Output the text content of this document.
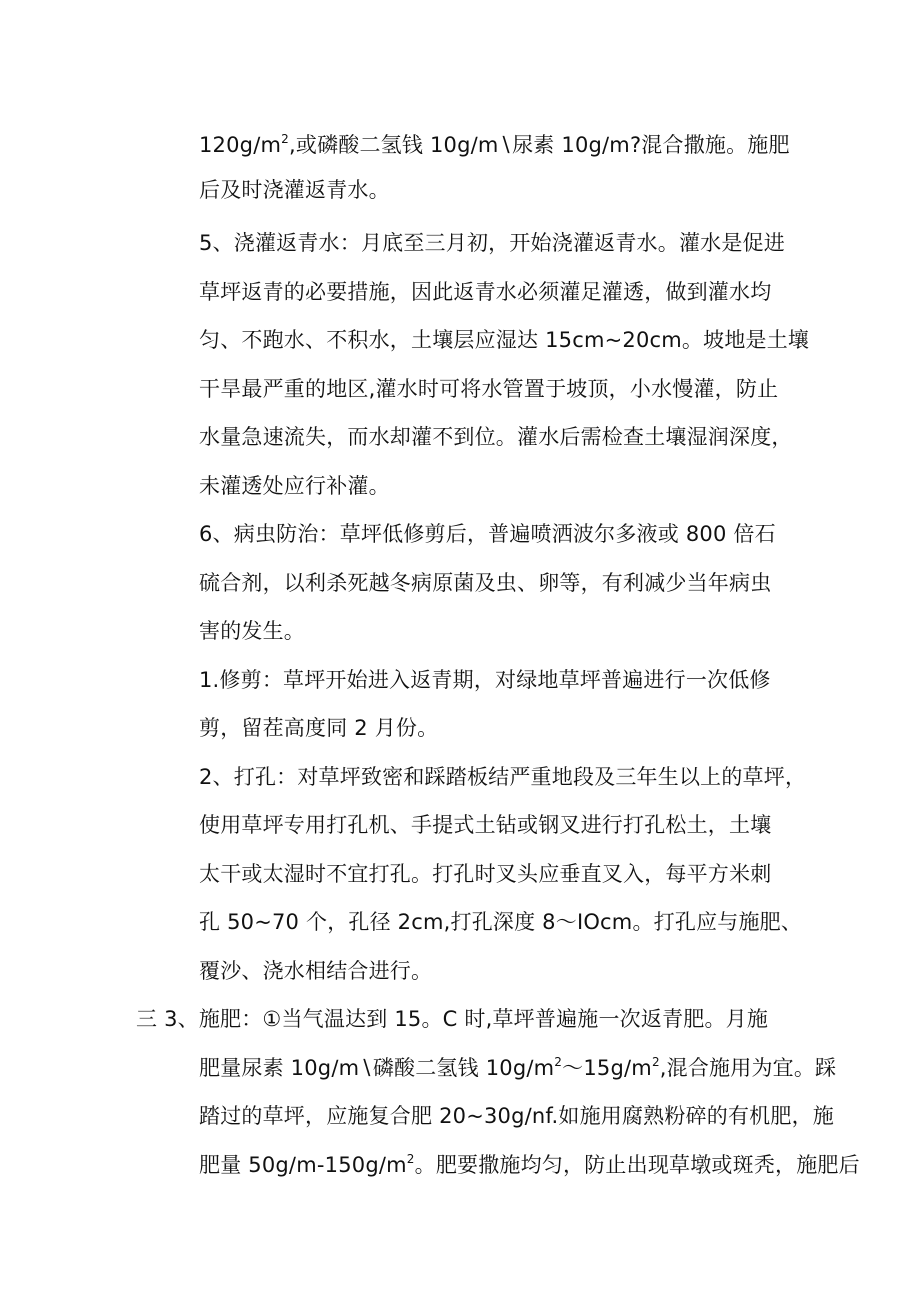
$120g∕m^2$,或磷酸二氢钱 10g∕m∖尿素 10g∕m?混合撒施。施肥
后及时浇灌返青水。
5、浇灌返青水：月底至三月初，开始浇灌返青水。灌水是促进
草坪返青的必要措施，因此返青水必须灌足灌透，做到灌水均
匀、不跑水、不积水，土壤层应湿达 15cm~20cm。坡地是土壤
干旱最严重的地区,灌水时可将水管置于坡顶，小水慢灌，防止
水量急速流失，而水却灌不到位。灌水后需检查土壤湿润深度，
未灌透处应行补灌。
6、病虫防治：草坪低修剪后，普遍喷洒波尔多液或 800 倍石
硫合剂，以利杀死越冬病原菌及虫、卵等，有利减少当年病虫
害的发生。
1.修剪：草坪开始进入返青期，对绿地草坪普遍进行一次低修
剪，留茬高度同 2 月份。
2、打孔：对草坪致密和踩踏板结严重地段及三年生以上的草坪，
使用草坪专用打孔机、手提式土钻或钢叉进行打孔松土，土壤
太干或太湿时不宜打孔。打孔时叉头应垂直叉入，每平方米刺
孔 50~70 个，孔径 2cm,打孔深度 8～IOcm。打孔应与施肥、
覆沙、浇水相结合进行。
三 3、施肥：①当气温达到 15。C 时,草坪普遍施一次返青肥。月施
肥量尿素 10g∕m∖磷酸二氢钱 $10g∕m^2\sim 15g∕m^2$,混合施用为宜。踩
踏过的草坪，应施复合肥 20~30g∕nf.如施用腐熟粉碎的有机肥，施
肥量 $50g∕m-150g∕m^2$。肥要撒施均匀，防止出现草墩或斑秃，施肥后
